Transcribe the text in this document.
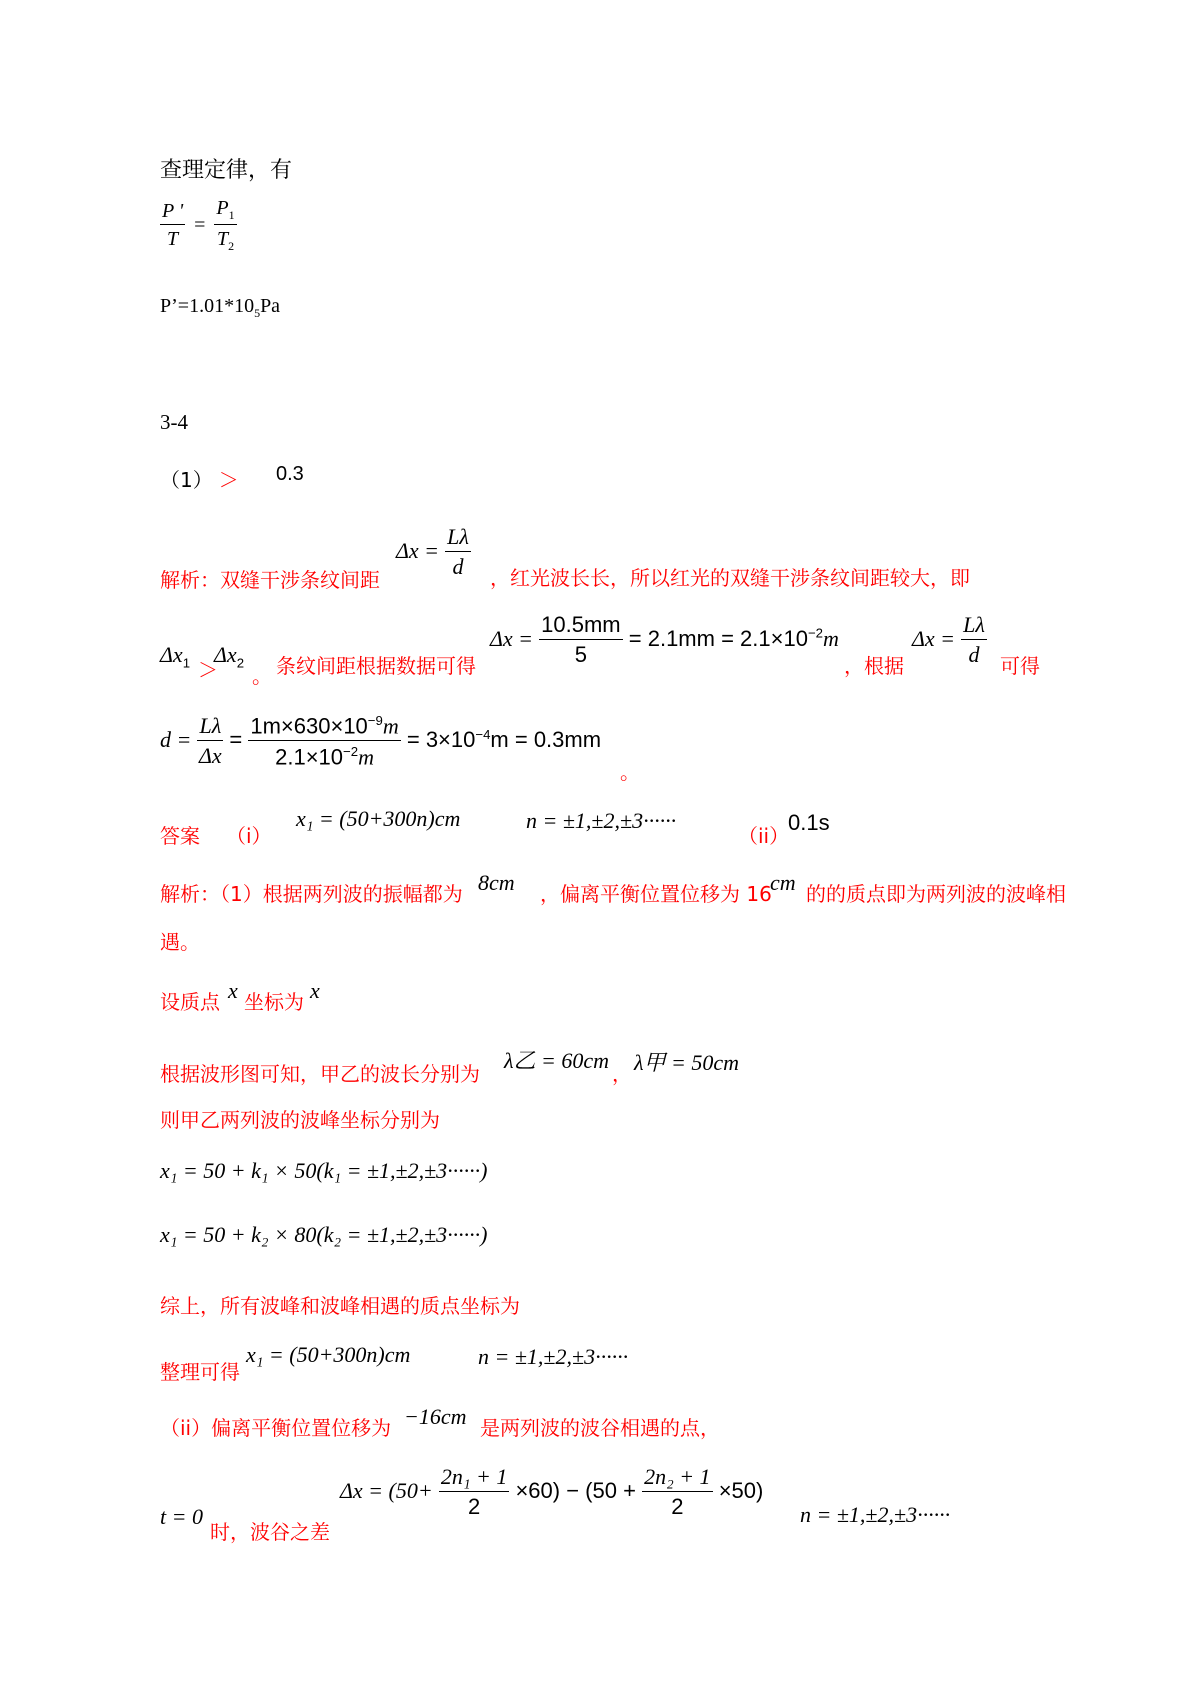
查理定律，有
$\frac{P '}{T} = \frac{P_1}{T_2}$
$P’=1.01*10_5Pa$
3-4
（1） ＞ 0.3
$\Delta x = \frac{L\lambda}{d}$
解析：双缝干涉条纹间距	，红光波长长，所以红光的双缝干涉条纹间距较大，即
$\Delta x_1$ ＞
$\Delta x_2$
。 条纹间距根据数据可得
$\Delta x = \frac{10.5mm}{5} = 2.1mm = 2.1\times 10^{-2}m$
，根据
$\Delta x = \frac{L\lambda}{d}$ 可得
$d = \frac{L\lambda}{\Delta x} = \frac{1m\times 630\times 10^{-9}m}{2.1\times 10^{-2}m} = 3\times 10^{-4}m = 0.3mm$
。
答案 （i）
x₁ = (50+300n)cm	n = ±1,±2,±3······
（ii）
0.1s
解析：（1）根据两列波的振幅都为 8cm ，偏离平衡位置位移为 16
cm 的的质点即为两列波的波峰相
遇。
设质点 x 坐标为 x
根据波形图可知，甲乙的波长分别为
λ乙 = 60cm
， λ甲 = 50cm
则甲乙两列波的波峰坐标分别为
x₁ = 50 + k₁ × 50(k₁ = ±1,±2,±3······)
x₁ = 50 + k₂ × 80(k₂ = ±1,±2,±3······)
综上，所有波峰和波峰相遇的质点坐标为
整理可得
x₁ = (50+300n)cm	n = ±1,±2,±3······
（ii）偏离平衡位置位移为 −16cm 是两列波的波谷相遇的点，
$\Delta x = (50+ \frac{\text{2n₁ + 1}}{2} \times 60) - (50 + \frac{\text{2n₂ + 1}}{2} \times 50)$
n = ±1,±2,±3······
t = 0
时，波谷之差
